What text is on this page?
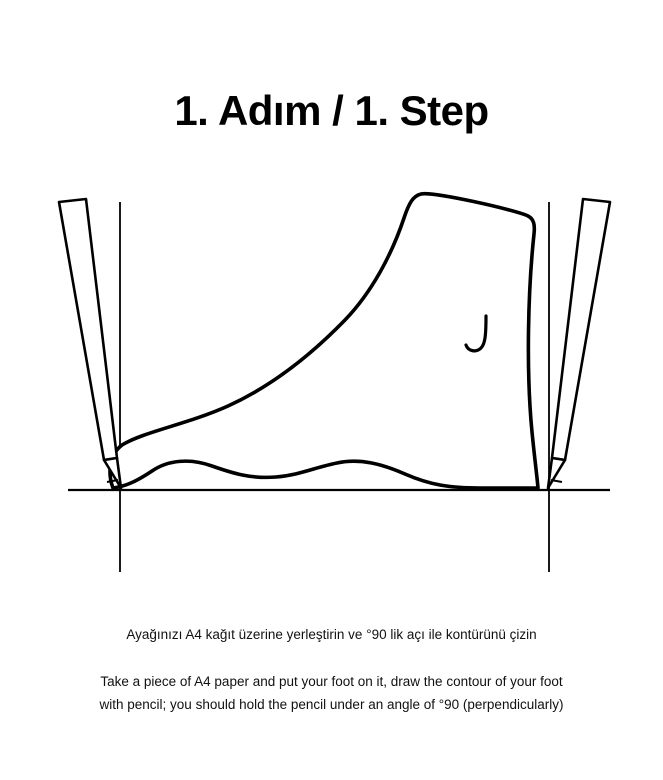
1. Adım / 1. Step

Ayağınızı A4 kağıt üzerine yerleştirin ve °90 lik açı ile kontürünü çizin

Take a piece of A4 paper and put your foot on it, draw the contour of your foot
with pencil; you should hold the pencil under an angle of °90 (perpendicularly)
